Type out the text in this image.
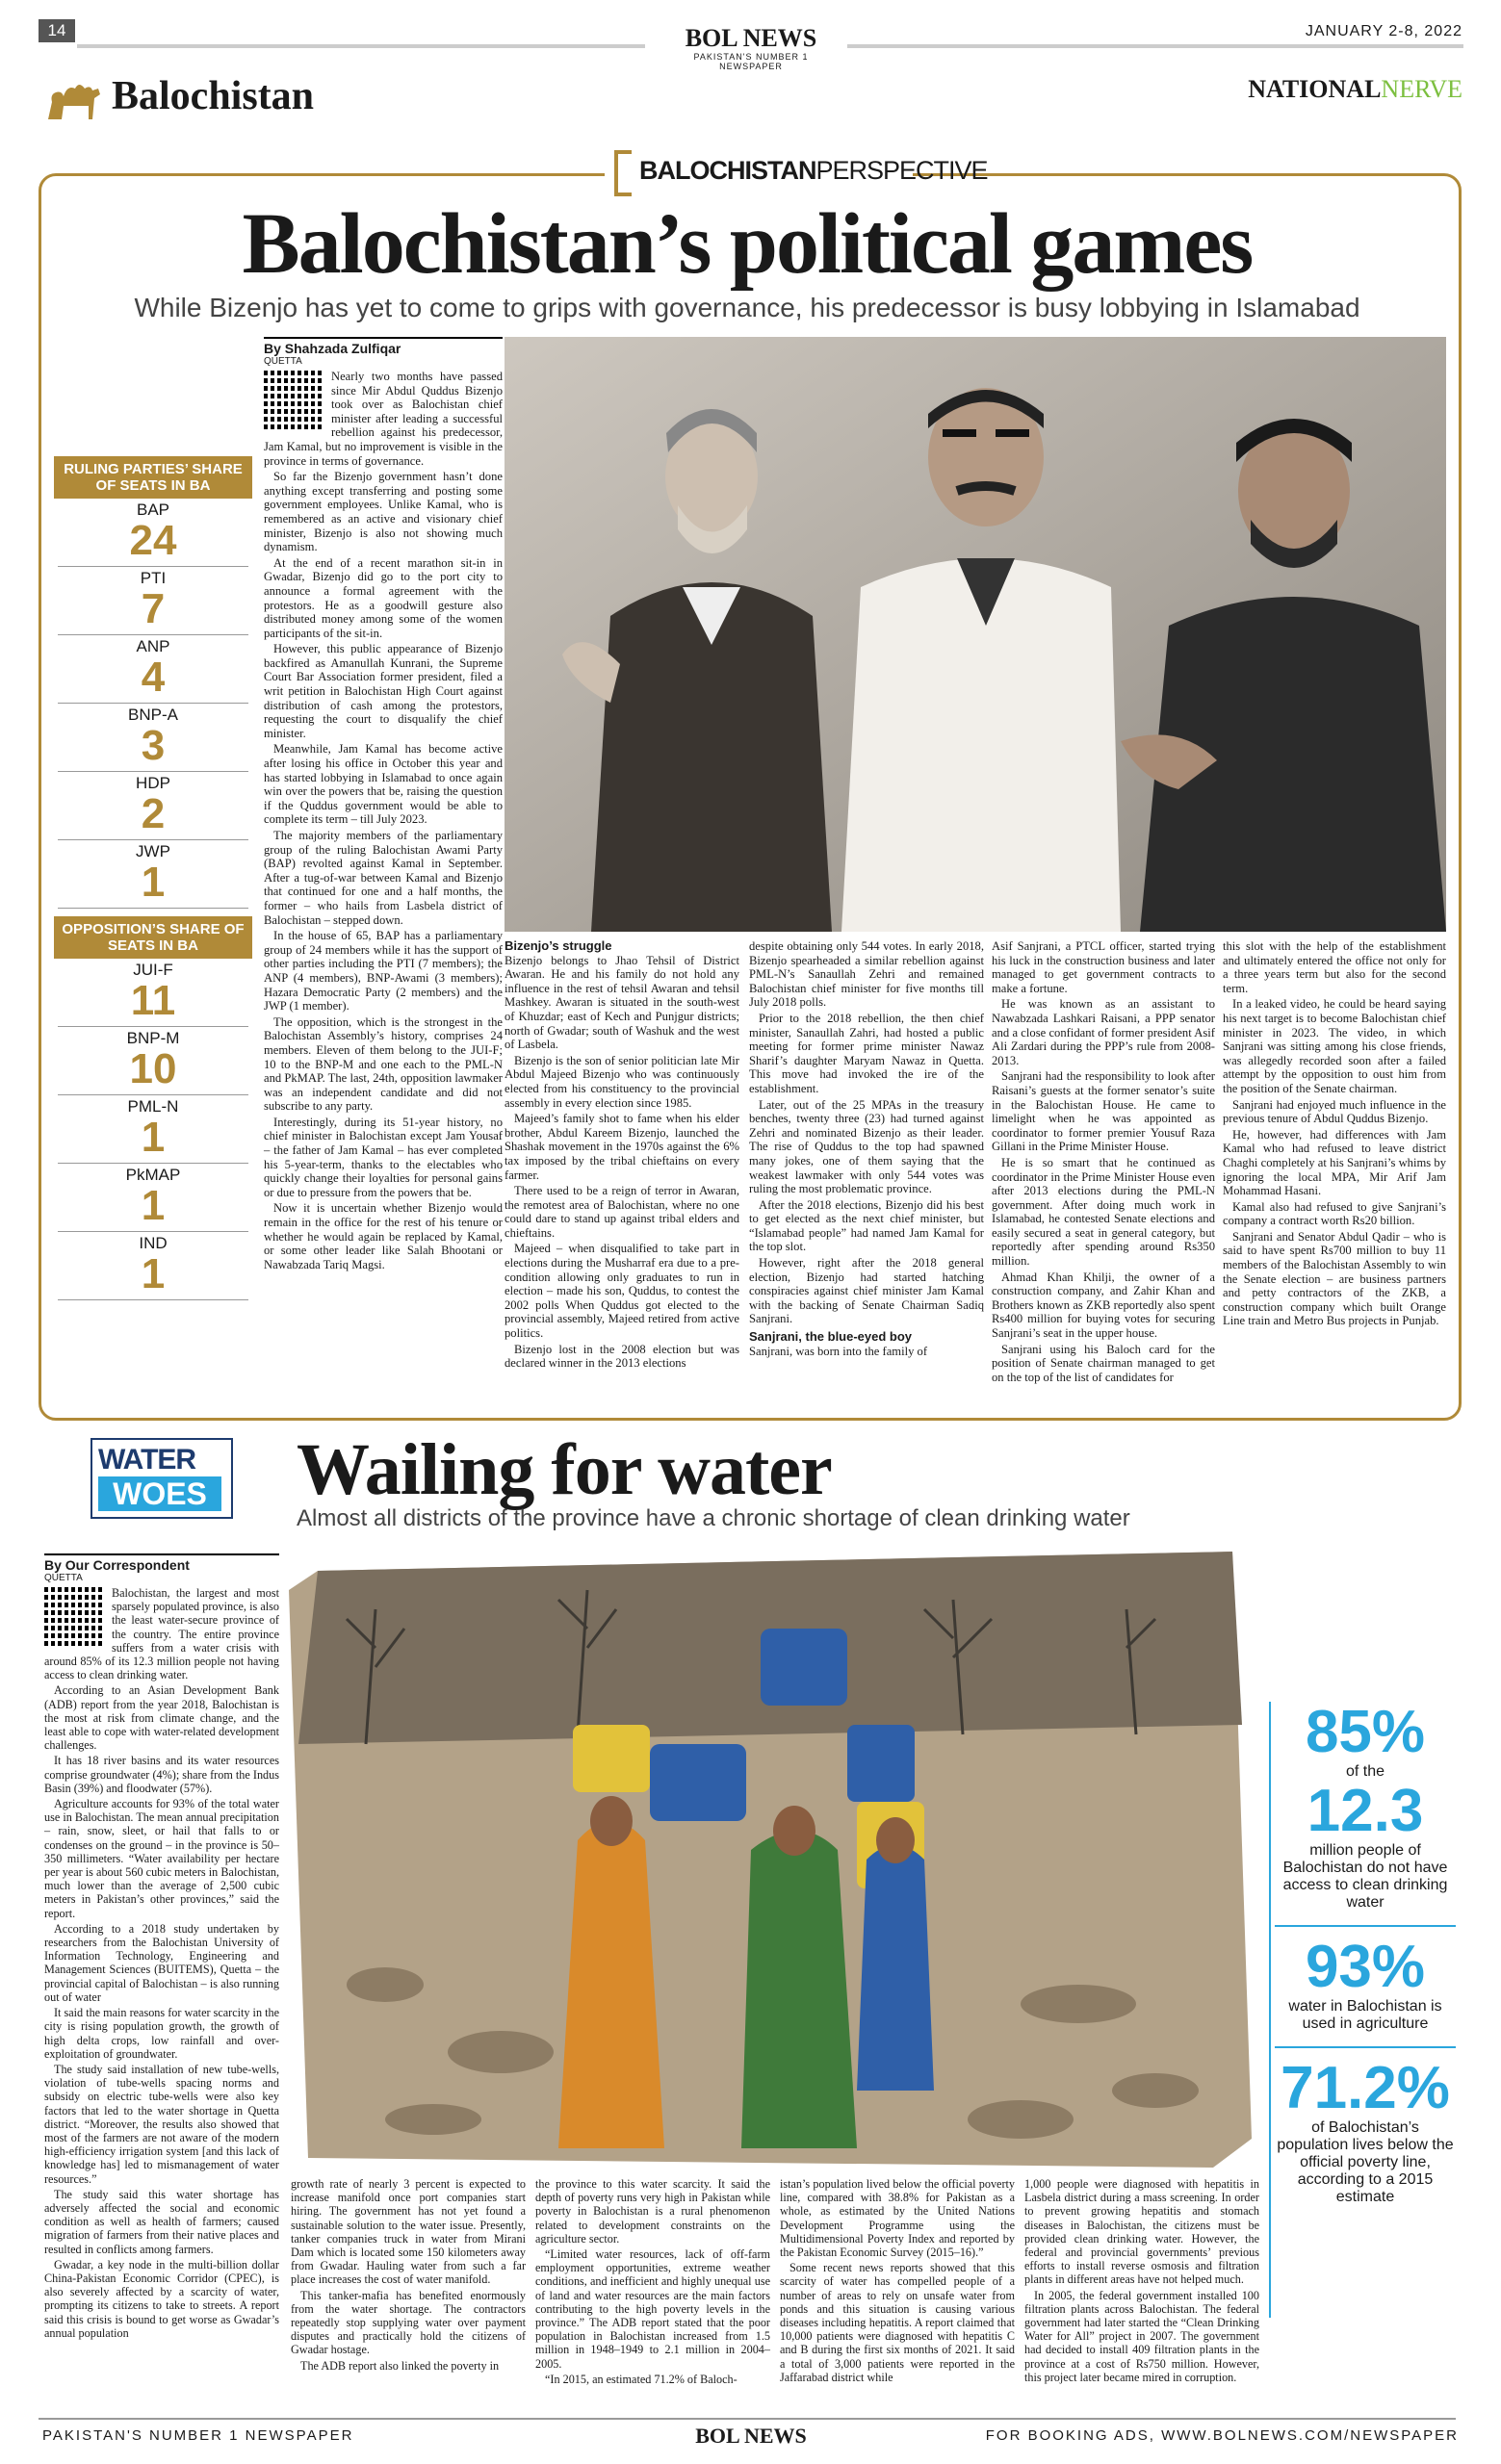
14	BOL NEWS
PAKISTAN'S NUMBER 1 NEWSPAPER
JANUARY 2-8, 2022
Balochistan	NATIONALNERVE
BALOCHISTANPERSPECTIVE
Balochistan’s political games
While Bizenjo has yet to come to grips with governance, his predecessor is busy lobbying in Islamabad
RULING PARTIES’ SHARE OF SEATS IN BA
BAP
24
PTI
7
ANP
4
BNP-A
3
HDP
2
JWP
1
OPPOSITION’S SHARE OF SEATS IN BA
JUI-F
11
BNP-M
10
PML-N
1
PkMAP
1
IND
1
By Shahzada Zulfiqar
QUETTA

Nearly two months have passed since Mir Abdul Quddus Bizenjo took over as Balochistan chief minister after leading a successful rebellion against his predecessor, Jam Kamal, but no improvement is visible in the province in terms of governance.

So far the Bizenjo government hasn’t done anything except transferring and posting some government employees. Unlike Kamal, who is remembered as an active and visionary chief minister, Bizenjo is also not showing much dynamism.

At the end of a recent marathon sit-in in Gwadar, Bizenjo did go to the port city to announce a formal agreement with the protestors. He as a goodwill gesture also distributed money among some of the women participants of the sit-in.

However, this public appearance of Bizenjo backfired as Amanullah Kunrani, the Supreme Court Bar Association former president, filed a writ petition in Balochistan High Court against distribution of cash among the protestors, requesting the court to disqualify the chief minister.

Meanwhile, Jam Kamal has become active after losing his office in October this year and has started lobbying in Islamabad to once again win over the powers that be, raising the question if the Quddus government would be able to complete its term – till July 2023.

The majority members of the parliamentary group of the ruling Balochistan Awami Party (BAP) revolted against Kamal in September. After a tug-of-war between Kamal and Bizenjo that continued for one and a half months, the former – who hails from Lasbela district of Balochistan – stepped down.

In the house of 65, BAP has a parliamentary group of 24 members while it has the support of other parties including the PTI (7 members); the ANP (4 members), BNP-Awami (3 members); Hazara Democratic Party (2 members) and the JWP (1 member).

The opposition, which is the strongest in the Balochistan Assembly’s history, comprises 24 members. Eleven of them belong to the JUI-F; 10 to the BNP-M and one each to the PML-N and PkMAP. The last, 24th, opposition lawmaker was an independent candidate and did not subscribe to any party.

Interestingly, during its 51-year history, no chief minister in Balochistan except Jam Yousaf – the father of Jam Kamal – has ever completed his 5-year-term, thanks to the electables who quickly change their loyalties for personal gains or due to pressure from the powers that be.

Now it is uncertain whether Bizenjo would remain in the office for the rest of his tenure or whether he would again be replaced by Kamal, or some other leader like Salah Bhootani or Nawabzada Tariq Magsi.

Bizenjo’s struggle

Bizenjo belongs to Jhao Tehsil of District Awaran. He and his family do not hold any influence in the rest of tehsil Awaran and tehsil Mashkey. Awaran is situated in the south-west of Khuzdar; east of Kech and Punjgur districts; north of Gwadar; south of Washuk and the west of Lasbela.

Bizenjo is the son of senior politician late Mir Abdul Majeed Bizenjo who was continuously elected from his constituency to the provincial assembly in every election since 1985.

Majeed’s family shot to fame when his elder brother, Abdul Kareem Bizenjo, launched the Shashak movement in the 1970s against the 6% tax imposed by the tribal chieftains on every farmer.

There used to be a reign of terror in Awaran, the remotest area of Balochistan, where no one could dare to stand up against tribal elders and chieftains.

Majeed – when disqualified to take part in elections during the Musharraf era due to a pre-condition allowing only graduates to run in election – made his son, Quddus, to contest the 2002 polls When Quddus got elected to the provincial assembly, Majeed retired from active politics.

Bizenjo lost in the 2008 election but was declared winner in the 2013 elections

despite obtaining only 544 votes. In early 2018, Bizenjo spearheaded a similar rebellion against PML-N’s Sanaullah Zehri and remained Balochistan chief minister for five months till July 2018 polls.

Prior to the 2018 rebellion, the then chief minister, Sanaullah Zahri, had hosted a public meeting for former prime minister Nawaz Sharif’s daughter Maryam Nawaz in Quetta. This move had invoked the ire of the establishment.

Later, out of the 25 MPAs in the treasury benches, twenty three (23) had turned against Zehri and nominated Bizenjo as their leader. The rise of Quddus to the top had spawned many jokes, one of them saying that the weakest lawmaker with only 544 votes was ruling the most problematic province.

After the 2018 elections, Bizenjo did his best to get elected as the next chief minister, but “Islamabad people” had named Jam Kamal for the top slot.

However, right after the 2018 general election, Bizenjo had started hatching conspiracies against chief minister Jam Kamal with the backing of Senate Chairman Sadiq Sanjrani.

Sanjrani, the blue-eyed boy

Sanjrani, was born into the family of

Asif Sanjrani, a PTCL officer, started trying his luck in the construction business and later managed to get government contracts to make a fortune.

He was known as an assistant to Nawabzada Lashkari Raisani, a PPP senator and a close confidant of former president Asif Ali Zardari during the PPP’s rule from 2008-2013.

Sanjrani had the responsibility to look after Raisani’s guests at the former senator’s suite in the Balochistan House. He came to limelight when he was appointed as coordinator to former premier Yousuf Raza Gillani in the Prime Minister House.

He is so smart that he continued as coordinator in the Prime Minister House even after 2013 elections during the PML-N government. After doing much work in Islamabad, he contested Senate elections and easily secured a seat in general category, but reportedly after spending around Rs350 million.

Ahmad Khan Khilji, the owner of a construction company, and Zahir Khan and Brothers known as ZKB reportedly also spent Rs400 million for buying votes for securing Sanjrani’s seat in the upper house.

Sanjrani using his Baloch card for the position of Senate chairman managed to get on the top of the list of candidates for

this slot with the help of the establishment and ultimately entered the office not only for a three years term but also for the second term.

In a leaked video, he could be heard saying his next target is to become Balochistan chief minister in 2023. The video, in which Sanjrani was sitting among his close friends, was allegedly recorded soon after a failed attempt by the opposition to oust him from the position of the Senate chairman.

Sanjrani had enjoyed much influence in the previous tenure of Abdul Quddus Bizenjo.

He, however, had differences with Jam Kamal who had refused to leave district Chaghi completely at his Sanjrani’s whims by ignoring the local MPA, Mir Arif Jam Mohammad Hasani.

Kamal also had refused to give Sanjrani’s company a contract worth Rs20 billion.

Sanjrani and Senator Abdul Qadir – who is said to have spent Rs700 million to buy 11 members of the Balochistan Assembly to win the Senate election – are business partners and petty contractors of the ZKB, a construction company which built Orange Line train and Metro Bus projects in Punjab.

WATER
WOES Wailing for water
Almost all districts of the province have a chronic shortage of clean drinking water
By Our Correspondent
QUETTA

Balochistan, the largest and most sparsely populated province, is also the least water-secure province of the country. The entire province suffers from a water crisis with around 85% of its 12.3 million people not having access to clean drinking water.

According to an Asian Development Bank (ADB) report from the year 2018, Balochistan is the most at risk from climate change, and the least able to cope with water-related development challenges.

It has 18 river basins and its water resources comprise groundwater (4%); share from the Indus Basin (39%) and floodwater (57%).

Agriculture accounts for 93% of the total water use in Balochistan. The mean annual precipitation – rain, snow, sleet, or hail that falls to or condenses on the ground – in the province is 50–350 millimeters. “Water availability per hectare per year is about 560 cubic meters in Balochistan, much lower than the average of 2,500 cubic meters in Pakistan’s other provinces,” said the report.

According to a 2018 study undertaken by researchers from the Balochistan University of Information Technology, Engineering and Management Sciences (BUITEMS), Quetta – the provincial capital of Balochistan – is also running out of water

It said the main reasons for water scarcity in the city is rising population growth, the growth of high delta crops, low rainfall and over-exploitation of groundwater.

The study said installation of new tube-wells, violation of tube-wells spacing norms and subsidy on electric tube-wells were also key factors that led to the water shortage in Quetta district. “Moreover, the results also showed that most of the farmers are not aware of the modern high-efficiency irrigation system [and this lack of knowledge has] led to mismanagement of water resources.”

The study said this water shortage has adversely affected the social and economic condition as well as health of farmers; caused migration of farmers from their native places and resulted in conflicts among farmers.

Gwadar, a key node in the multi-billion dollar China-Pakistan Economic Corridor (CPEC), is also severely affected by a scarcity of water, prompting its citizens to take to streets. A report said this crisis is bound to get worse as Gwadar’s annual population

85%
of the
12.3
million people of Balochistan do not have access to clean drinking water
93%
water in Balochistan is used in agriculture
71.2%
of Balochistan’s population lives below the official poverty line, according to a 2015 estimate

growth rate of nearly 3 percent is expected to increase manifold once port companies start hiring. The government has not yet found a sustainable solution to the water issue. Presently, tanker companies truck in water from Mirani Dam which is located some 150 kilometers away from Gwadar. Hauling water from such a far place increases the cost of water manifold.

This tanker-mafia has benefited enormously from the water shortage. The contractors repeatedly stop supplying water over payment disputes and practically hold the citizens of Gwadar hostage.

The ADB report also linked the poverty in

the province to this water scarcity. It said the depth of poverty runs very high in Pakistan while poverty in Balochistan is a rural phenomenon related to development constraints on the agriculture sector.

“Limited water resources, lack of off-farm employment opportunities, extreme weather conditions, and inefficient and highly unequal use of land and water resources are the main factors contributing to the high poverty levels in the province.” The ADB report stated that the poor population in Balochistan increased from 1.5 million in 1948–1949 to 2.1 million in 2004–2005.

“In 2015, an estimated 71.2% of Baloch-

istan’s population lived below the official poverty line, compared with 38.8% for Pakistan as a whole, as estimated by the United Nations Development Programme using the Multidimensional Poverty Index and reported by the Pakistan Economic Survey (2015–16).”

Some recent news reports showed that this scarcity of water has compelled people of a number of areas to rely on unsafe water from ponds and this situation is causing various diseases including hepatitis. A report claimed that 10,000 patients were diagnosed with hepatitis C and B during the first six months of 2021. It said a total of 3,000 patients were reported in the Jaffarabad district while

1,000 people were diagnosed with hepatitis in Lasbela district during a mass screening. In order to prevent growing hepatitis and stomach diseases in Balochistan, the citizens must be provided clean drinking water. However, the federal and provincial governments’ previous efforts to install reverse osmosis and filtration plants in different areas have not helped much.

In 2005, the federal government installed 100 filtration plants across Balochistan. The federal government had later started the “Clean Drinking Water for All” project in 2007. The government had decided to install 409 filtration plants in the province at a cost of Rs750 million. However, this project later became mired in corruption.

PAKISTAN'S NUMBER 1 NEWSPAPER	BOL NEWS	FOR BOOKING ADS, WWW.BOLNEWS.COM/NEWSPAPER
